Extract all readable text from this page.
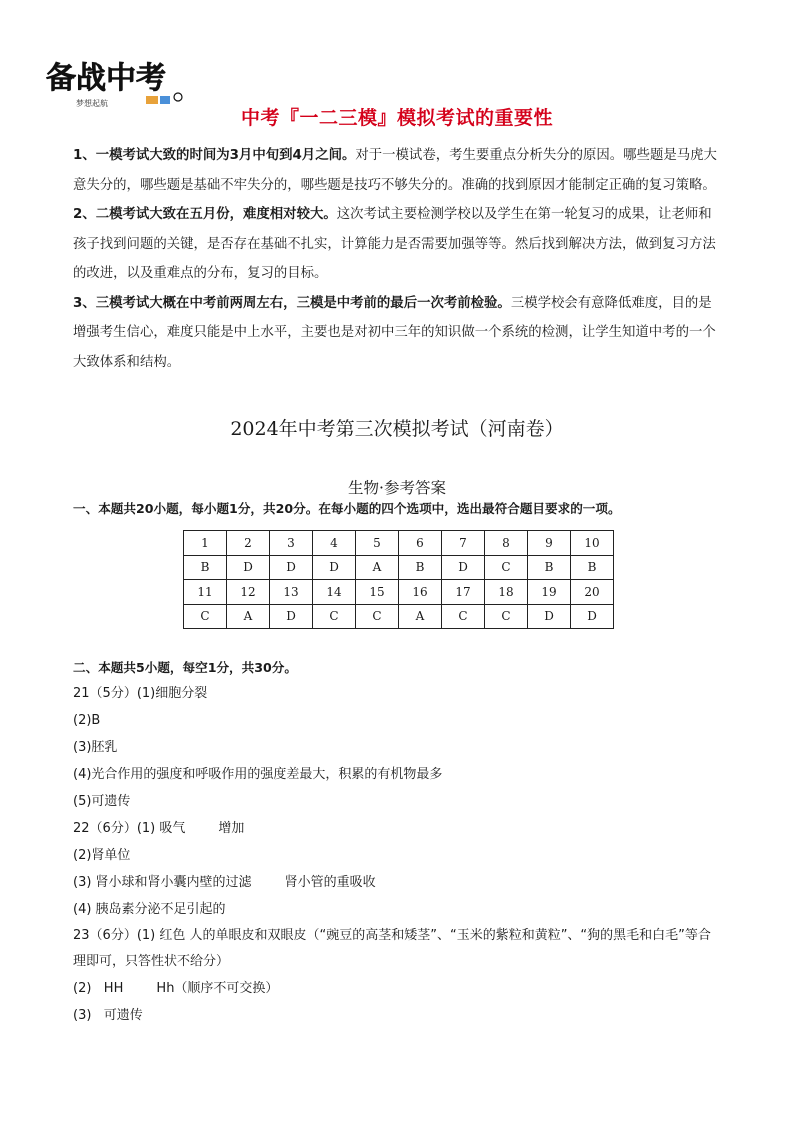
备战中考
梦想起航
中考『一二三模』模拟考试的重要性

1、一模考试大致的时间为3月中旬到4月之间。对于一模试卷，考生要重点分析失分的原因。哪些题是马虎大意失分的，哪些题是基础不牢失分的，哪些题是技巧不够失分的。准确的找到原因才能制定正确的复习策略。

2、二模考试大致在五月份，难度相对较大。这次考试主要检测学校以及学生在第一轮复习的成果，让老师和孩子找到问题的关键，是否存在基础不扎实，计算能力是否需要加强等等。然后找到解决方法，做到复习方法的改进，以及重难点的分布，复习的目标。

3、三模考试大概在中考前两周左右，三模是中考前的最后一次考前检验。三模学校会有意降低难度，目的是增强考生信心，难度只能是中上水平，主要也是对初中三年的知识做一个系统的检测，让学生知道中考的一个大致体系和结构。

2024年中考第三次模拟考试（河南卷）
生物·参考答案
一、本题共20小题，每小题1分，共20分。在每小题的四个选项中，选出最符合题目要求的一项。
1	2	3	4	5	6	7	8	9	10
B	D	D	D	A	B	D	C	B	B
11	12	13	14	15	16	17	18	19	20
C	A	D	C	C	A	C	C	D	D
二、本题共5小题，每空1分，共30分。
21（5分）(1)细胞分裂
(2)B
(3)胚乳
(4)光合作用的强度和呼吸作用的强度差最大，积累的有机物最多
(5)可遗传
22（6分）(1) 吸气        增加
(2)肾单位
(3) 肾小球和肾小囊内壁的过滤        肾小管的重吸收
(4) 胰岛素分泌不足引起的
23（6分）(1) 红色 人的单眼皮和双眼皮（“豌豆的高茎和矮茎”、“玉米的紫粒和黄粒”、“狗的黑毛和白毛”等合理即可，只答性状不给分）
(2)   HH        Hh（顺序不可交换）
(3)   可遗传
